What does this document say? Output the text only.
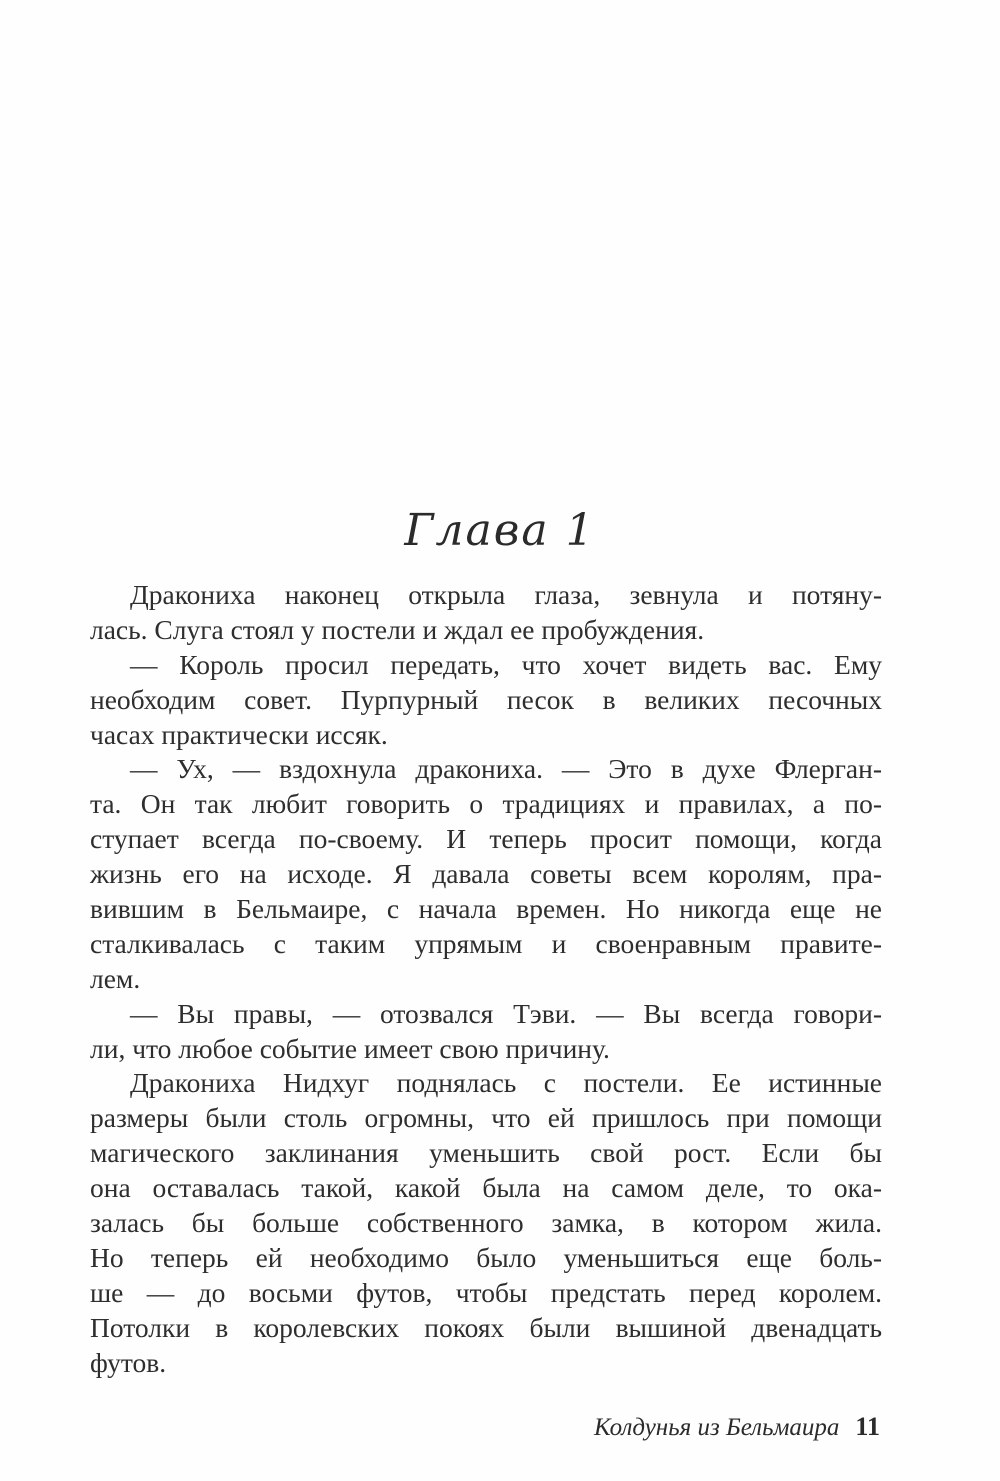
Глава 1
Дракониха наконец открыла глаза, зевнула и потяну-
лась. Слуга стоял у постели и ждал ее пробуждения.
— Король просил передать, что хочет видеть вас. Ему
необходим совет. Пурпурный песок в великих песочных
часах практически иссяк.
— Ух, — вздохнула дракониха. — Это в духе Флерган-
та. Он так любит говорить о традициях и правилах, а по-
ступает всегда по-своему. И теперь просит помощи, когда
жизнь его на исходе. Я давала советы всем королям, пра-
вившим в Бельмаире, с начала времен. Но никогда еще не
сталкивалась с таким упрямым и своенравным правите-
лем.
— Вы правы, — отозвался Тэви. — Вы всегда говори-
ли, что любое событие имеет свою причину.
Дракониха Нидхуг поднялась с постели. Ее истинные
размеры были столь огромны, что ей пришлось при помощи
магического заклинания уменьшить свой рост. Если бы
она оставалась такой, какой была на самом деле, то ока-
залась бы больше собственного замка, в котором жила.
Но теперь ей необходимо было уменьшиться еще боль-
ше — до восьми футов, чтобы предстать перед королем.
Потолки в королевских покоях были вышиной двенадцать
футов.
Колдунья из Бельмаира 11
